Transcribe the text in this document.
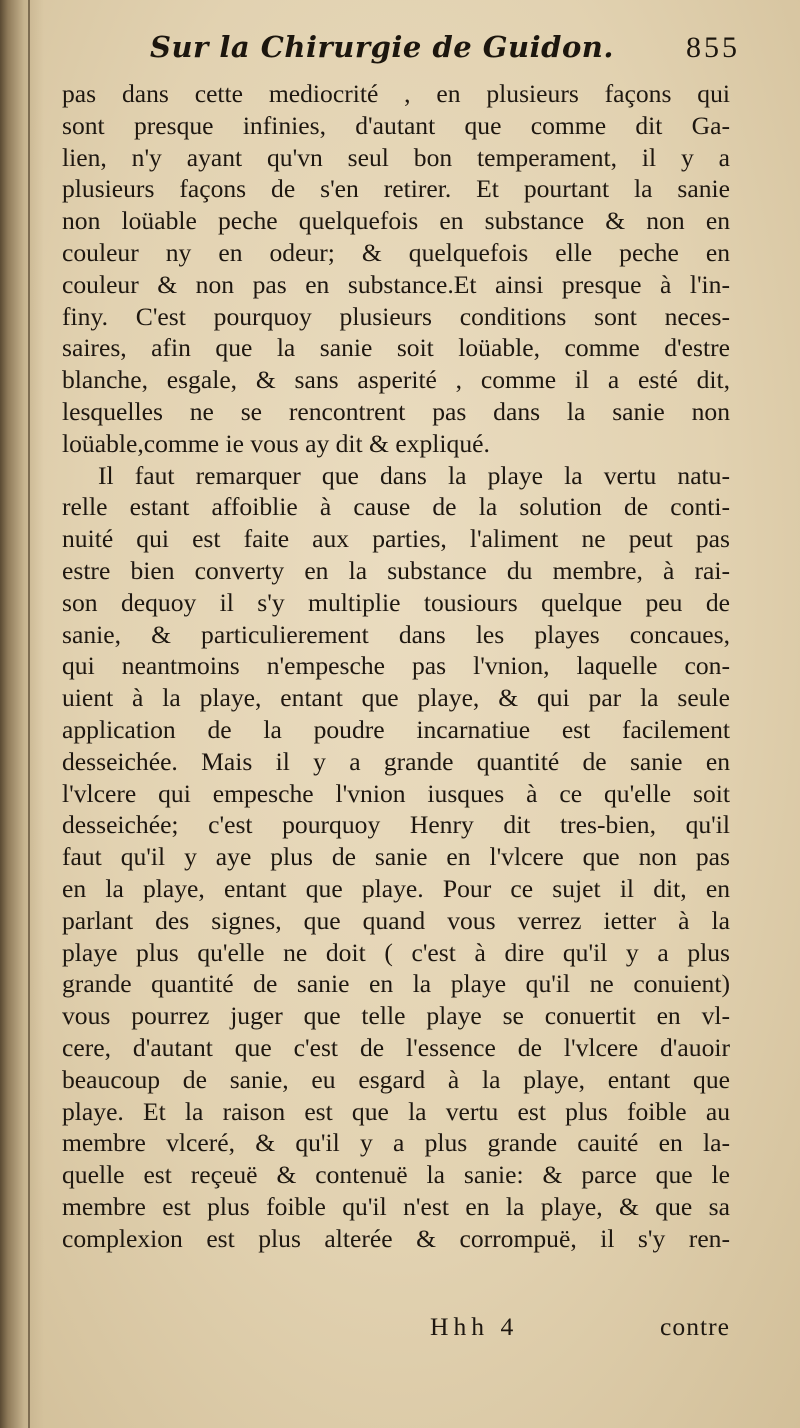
Sur la Chirurgie de Guidon. 855
pas dans cette mediocrité , en plusieurs façons qui
sont presque infinies, d'autant que comme dit Ga-
lien, n'y ayant qu'vn seul bon temperament, il y a
plusieurs façons de s'en retirer. Et pourtant la sanie
non loüable peche quelquefois en substance & non en
couleur ny en odeur; & quelquefois elle peche en
couleur & non pas en substance.Et ainsi presque à l'in-
finy. C'est pourquoy plusieurs conditions sont neces-
saires, afin que la sanie soit loüable, comme d'estre
blanche, esgale, & sans asperité , comme il a esté dit,
lesquelles ne se rencontrent pas dans la sanie non
loüable,comme ie vous ay dit & expliqué.
Il faut remarquer que dans la playe la vertu natu-
relle estant affoiblie à cause de la solution de conti-
nuité qui est faite aux parties, l'aliment ne peut pas
estre bien converty en la substance du membre, à rai-
son dequoy il s'y multiplie tousiours quelque peu de
sanie, & particulierement dans les playes concaues,
qui neantmoins n'empesche pas l'vnion, laquelle con-
uient à la playe, entant que playe, & qui par la seule
application de la poudre incarnatiue est facilement
desseichée. Mais il y a grande quantité de sanie en
l'vlcere qui empesche l'vnion iusques à ce qu'elle soit
desseichée; c'est pourquoy Henry dit tres-bien, qu'il
faut qu'il y aye plus de sanie en l'vlcere que non pas
en la playe, entant que playe. Pour ce sujet il dit, en
parlant des signes, que quand vous verrez ietter à la
playe plus qu'elle ne doit ( c'est à dire qu'il y a plus
grande quantité de sanie en la playe qu'il ne conuient)
vous pourrez juger que telle playe se conuertit en vl-
cere, d'autant que c'est de l'essence de l'vlcere d'auoir
beaucoup de sanie, eu esgard à la playe, entant que
playe. Et la raison est que la vertu est plus foible au
membre vlceré, & qu'il y a plus grande cauité en la-
quelle est reçeuë & contenuë la sanie: & parce que le
membre est plus foible qu'il n'est en la playe, & que sa
complexion est plus alterée & corrompuë, il s'y ren-
Hhh 4	contre
